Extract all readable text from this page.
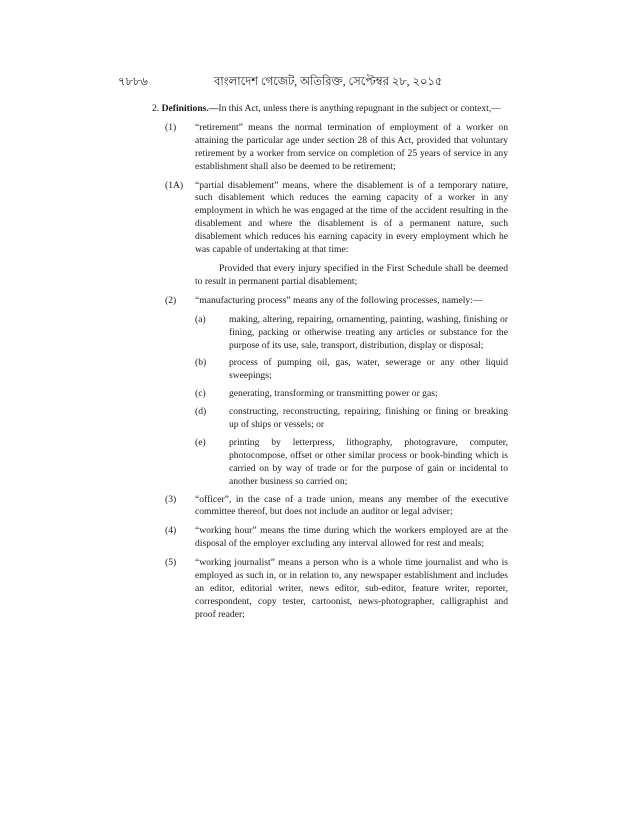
৭৮৮৬	বাংলাদেশ গেজেট, অতিরিক্ত, সেপ্টেম্বর ২৮, ২০১৫

2. Definitions.—In this Act, unless there is anything repugnant in the subject or context,—

(1) “retirement” means the normal termination of employment of a worker on attaining the particular age under section 28 of this Act, provided that voluntary retirement by a worker from service on completion of 25 years of service in any establishment shall also be deemed to be retirement;
(1A) “partial disablement” means, where the disablement is of a temporary nature, such disablement which reduces the earning capacity of a worker in any employment in which he was engaged at the time of the accident resulting in the disablement and where the disablement is of a permanent nature, such disablement which reduces his earning capacity in every employment which he was capable of undertaking at that time:

Provided that every injury specified in the First Schedule shall be deemed to result in permanent partial disablement;

(2) “manufacturing process” means any of the following processes, namely:—
(a) making, altering, repairing, ornamenting, painting, washing, finishing or fining, packing or otherwise treating any articles or substance for the purpose of its use, sale, transport, distribution, display or disposal;
(b) process of pumping oil, gas, water, sewerage or any other liquid sweepings;
(c) generating, transforming or transmitting power or gas;
(d) constructing, reconstructing, repairing, finishing or fining or breaking up of ships or vessels; or
(e) printing by letterpress, lithography, photogravure, computer, photocompose, offset or other similar process or book-binding which is carried on by way of trade or for the purpose of gain or incidental to another business so carried on;
(3) “officer”, in the case of a trade union, means any member of the executive committee thereof, but does not include an auditor or legal adviser;
(4) “working hour” means the time during which the workers employed are at the disposal of the employer excluding any interval allowed for rest and meals;
(5) “working journalist” means a person who is a whole time journalist and who is employed as such in, or in relation to, any newspaper establishment and includes an editor, editorial writer, news editor, sub-editor, feature writer, reporter, correspondent, copy tester, cartoonist, news-photographer, calligraphist and proof reader;
